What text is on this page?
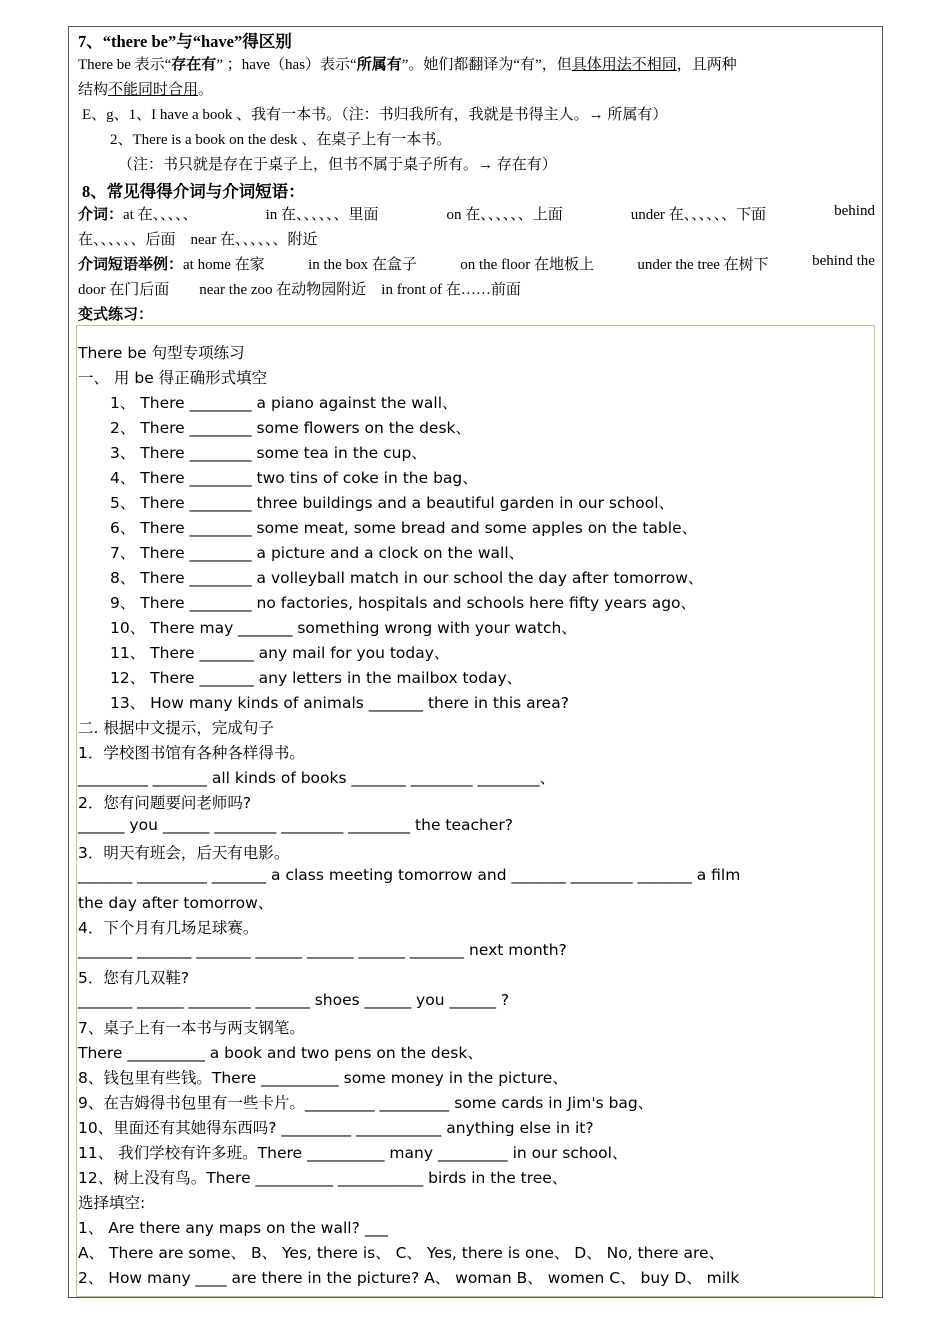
7、“there be”与“have”得区别
There be 表示“存在有” ；have（has）表示“所属有”。她们都翻译为“有”，但具体用法不相同，且两种
结构不能同时合用。
E、g、1、I have a book 、我有一本书。（注：书归我所有，我就是书得主人。→ 所属有）
2、There is a book on the desk 、在桌子上有一本书。
（注：书只就是存在于桌子上，但书不属于桌子所有。→ 存在有）
8、常见得得介词与介词短语：
介词：at 在、、、、、	in 在、、、、、、里面	on 在、、、、、、上面	under 在、、、、、、下面	behind
在、、、、、、后面　near 在、、、、、、附近
介词短语举例：at home 在家	in the box 在盒子	on the floor 在地板上	under the tree 在树下	behind the
door 在门后面　　near the zoo 在动物园附近　in front of 在……前面
变式练习：
There be 句型专项练习
一、 用 be 得正确形式填空
1、 There ________ a piano against the wall、
2、 There ________ some flowers on the desk、
3、 There ________ some tea in the cup、
4、 There ________ two tins of coke in the bag、
5、 There ________ three buildings and a beautiful garden in our school、
6、 There ________ some meat, some bread and some apples on the table、
7、 There ________ a picture and a clock on the wall、
8、 There ________ a volleyball match in our school the day after tomorrow、
9、 There ________ no factories, hospitals and schools here fifty years ago、
10、 There may _______ something wrong with your watch、
11、 There _______ any mail for you today、
12、 There _______ any letters in the mailbox today、
13、 How many kinds of animals _______ there in this area?
二. 根据中文提示，完成句子
1．学校图书馆有各种各样得书。
_________ _______ all kinds of books _______ ________ ________、
2．您有问题要问老师吗?
______ you ______ ________ ________ ________ the teacher?
3．明天有班会，后天有电影。
_______ _________ _______ a class meeting tomorrow and _______ ________ _______ a film
the day after tomorrow、
4．下个月有几场足球赛。
_______ _______ _______ ______ ______ ______ _______ next month?
5．您有几双鞋?
_______ ______ ________ _______ shoes ______ you ______ ?
7、桌子上有一本书与两支钢笔。
There __________ a book and two pens on the desk、
8、钱包里有些钱。There __________ some money in the picture、
9、在吉姆得书包里有一些卡片。_________ _________ some cards in Jim's bag、
10、里面还有其她得东西吗? _________ ___________ anything else in it?
11、 我们学校有许多班。There __________ many _________ in our school、
12、树上没有鸟。There __________ ___________ birds in the tree、
选择填空:
1、 Are there any maps on the wall? ___
A、 There are some、 B、 Yes, there is、 C、 Yes, there is one、 D、 No, there are、
2、 How many ____ are there in the picture? A、 woman B、 women C、 buy D、 milk
